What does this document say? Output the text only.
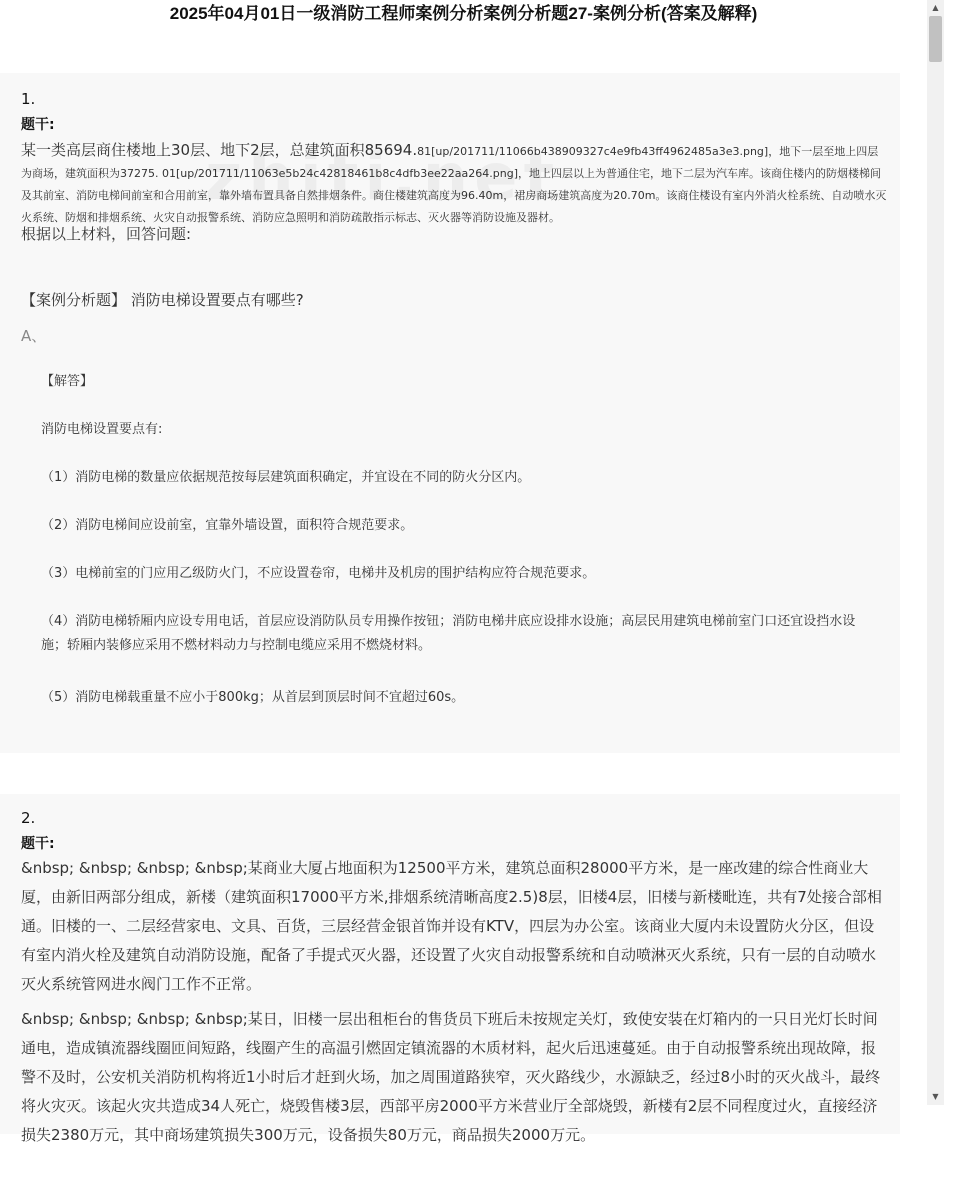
2025年04月01日一级消防工程师案例分析案例分析题27-案例分析(答案及解释)
1.
题干:
某一类高层商住楼地上30层、地下2层，总建筑面积85694.81[up/201711/11066b438909327c4e9fb43ff4962485a3e3.png]，地下一层至地上四层为商场，建筑面积为37275. 01[up/201711/11063e5b24c42818461b8c4dfb3ee22aa264.png]，地上四层以上为普通住宅，地下二层为汽车库。该商住楼内的防烟楼梯间及其前室、消防电梯间前室和合用前室，靠外墙布置具备自然排烟条件。商住楼建筑高度为96.40m，裙房商场建筑高度为20.70m。该商住楼设有室内外消火栓系统、自动喷水灭火系统、防烟和排烟系统、火灾自动报警系统、消防应急照明和消防疏散指示标志、灭火器等消防设施及器材。
根据以上材料，回答问题:
【案例分析题】 消防电梯设置要点有哪些?
A、
【解答】
消防电梯设置要点有:
（1）消防电梯的数量应依据规范按每层建筑面积确定，并宜设在不同的防火分区内。
（2）消防电梯间应设前室，宜靠外墙设置，面积符合规范要求。
（3）电梯前室的门应用乙级防火门，不应设置卷帘，电梯井及机房的围护结构应符合规范要求。
（4）消防电梯轿厢内应设专用电话，首层应设消防队员专用操作按钮；消防电梯井底应设排水设施；高层民用建筑电梯前室门口还宜设挡水设施；轿厢内装修应采用不燃材料动力与控制电缆应采用不燃烧材料。
（5）消防电梯载重量不应小于800kg；从首层到顶层时间不宜超过60s。
2.
题干:

&nbsp; &nbsp; &nbsp; &nbsp;某商业大厦占地面积为12500平方米，建筑总面积28000平方米，是一座改建的综合性商业大厦，由新旧两部分组成，新楼（建筑面积17000平方米,排烟系统清晰高度2.5)8层，旧楼4层，旧楼与新楼毗连，共有7处接合部相通。旧楼的一、二层经营家电、文具、百货，三层经营金银首饰并设有KTV，四层为办公室。该商业大厦内未设置防火分区，但设有室内消火栓及建筑自动消防设施，配备了手提式灭火器，还设置了火灾自动报警系统和自动喷淋灭火系统，只有一层的自动喷水灭火系统管网进水阀门工作不正常。

&nbsp; &nbsp; &nbsp; &nbsp;某日，旧楼一层出租柜台的售货员下班后未按规定关灯，致使安装在灯箱内的一只日光灯长时间通电，造成镇流器线圈匝间短路，线圈产生的高温引燃固定镇流器的木质材料，起火后迅速蔓延。由于自动报警系统出现故障，报警不及时，公安机关消防机构将近1小时后才赶到火场，加之周围道路狭窄，灭火路线少，水源缺乏，经过8小时的灭火战斗，最终将火灾灭。该起火灾共造成34人死亡，烧毁售楼3层，西部平房2000平方米营业厅全部烧毁，新楼有2层不同程度过火，直接经济损失2380万元，其中商场建筑损失300万元，设备损失80万元，商品损失2000万元。

▲
▼
